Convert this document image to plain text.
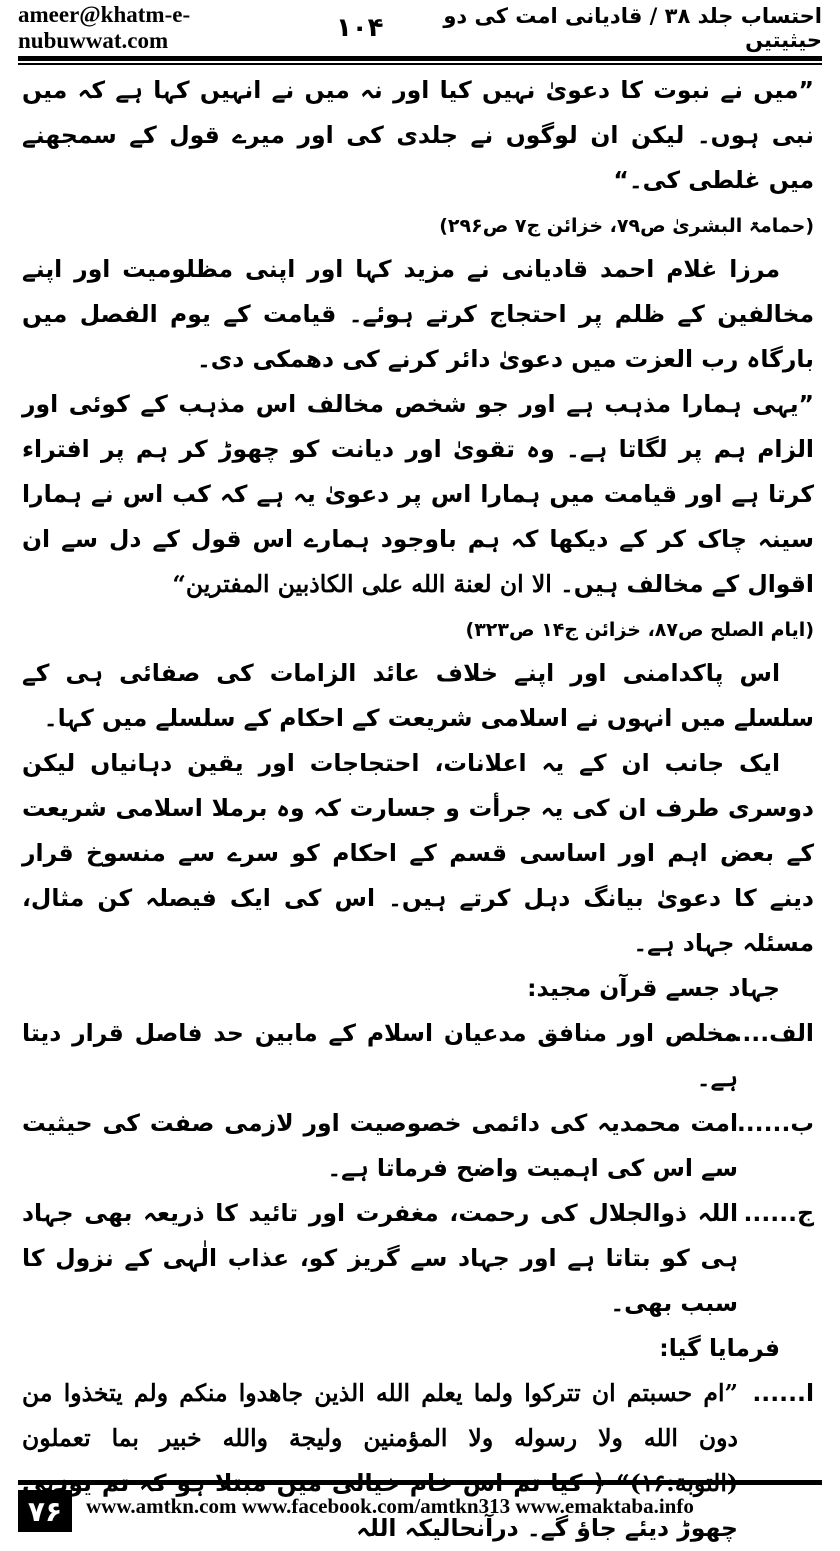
ameer@khatm-e-nubuwwat.com	۱۰۴	احتساب جلد ۳۸ / قادیانی امت کی دو حیثیتیں

”میں نے نبوت کا دعویٰ نہیں کیا اور نہ میں نے انہیں کہا ہے کہ میں نبی ہوں۔ لیکن ان لوگوں نے جلدی کی اور میرے قول کے سمجھنے میں غلطی کی۔“

(حمامۃ البشریٰ ص۷۹، خزائن ج۷ ص۲۹۶)

مرزا غلام احمد قادیانی نے مزید کہا اور اپنی مظلومیت اور اپنے مخالفین کے ظلم پر احتجاج کرتے ہوئے۔ قیامت کے یوم الفصل میں بارگاہ رب العزت میں دعویٰ دائر کرنے کی دھمکی دی۔

”یہی ہمارا مذہب ہے اور جو شخص مخالف اس مذہب کے کوئی اور الزام ہم پر لگاتا ہے۔ وہ تقویٰ اور دیانت کو چھوڑ کر ہم پر افتراء کرتا ہے اور قیامت میں ہمارا اس پر دعویٰ یہ ہے کہ کب اس نے ہمارا سینہ چاک کر کے دیکھا کہ ہم باوجود ہمارے اس قول کے دل سے ان اقوال کے مخالف ہیں۔ الا ان لعنة الله علی الکاذبین المفترین“

(ایام الصلح ص۸۷، خزائن ج۱۴ ص۳۲۳)

اس پاکدامنی اور اپنے خلاف عائد الزامات کی صفائی ہی کے سلسلے میں انہوں نے اسلامی شریعت کے احکام کے سلسلے میں کہا۔

ایک جانب ان کے یہ اعلانات، احتجاجات اور یقین دہانیاں لیکن دوسری طرف ان کی یہ جرأت و جسارت کہ وہ برملا اسلامی شریعت کے بعض اہم اور اساسی قسم کے احکام کو سرے سے منسوخ قرار دینے کا دعویٰ بیانگ دہل کرتے ہیں۔ اس کی ایک فیصلہ کن مثال، مسئلہ جہاد ہے۔

جہاد جسے قرآن مجید:

الف......
مخلص اور منافق مدعیان اسلام کے مابین حد فاصل قرار دیتا ہے۔
ب......
امت محمدیہ کی دائمی خصوصیت اور لازمی صفت کی حیثیت سے اس کی اہمیت واضح فرماتا ہے۔
ج......
اللہ ذوالجلال کی رحمت، مغفرت اور تائید کا ذریعہ بھی جہاد ہی کو بتاتا ہے اور جہاد سے گریز کو، عذاب الٰہی کے نزول کا سبب بھی۔

فرمایا گیا:

ا......
”ام حسبتم ان تترکوا ولما یعلم الله الذین جاھدوا منکم ولم یتخذوا من دون الله ولا رسوله ولا المؤمنین ولیجة والله خبیر بما تعملون چھوڑ دیئے جاؤ گے۔ درآنحالیکہ اللہ
۷۶	www.amtkn.com www.facebook.com/amtkn313 www.emaktaba.info
